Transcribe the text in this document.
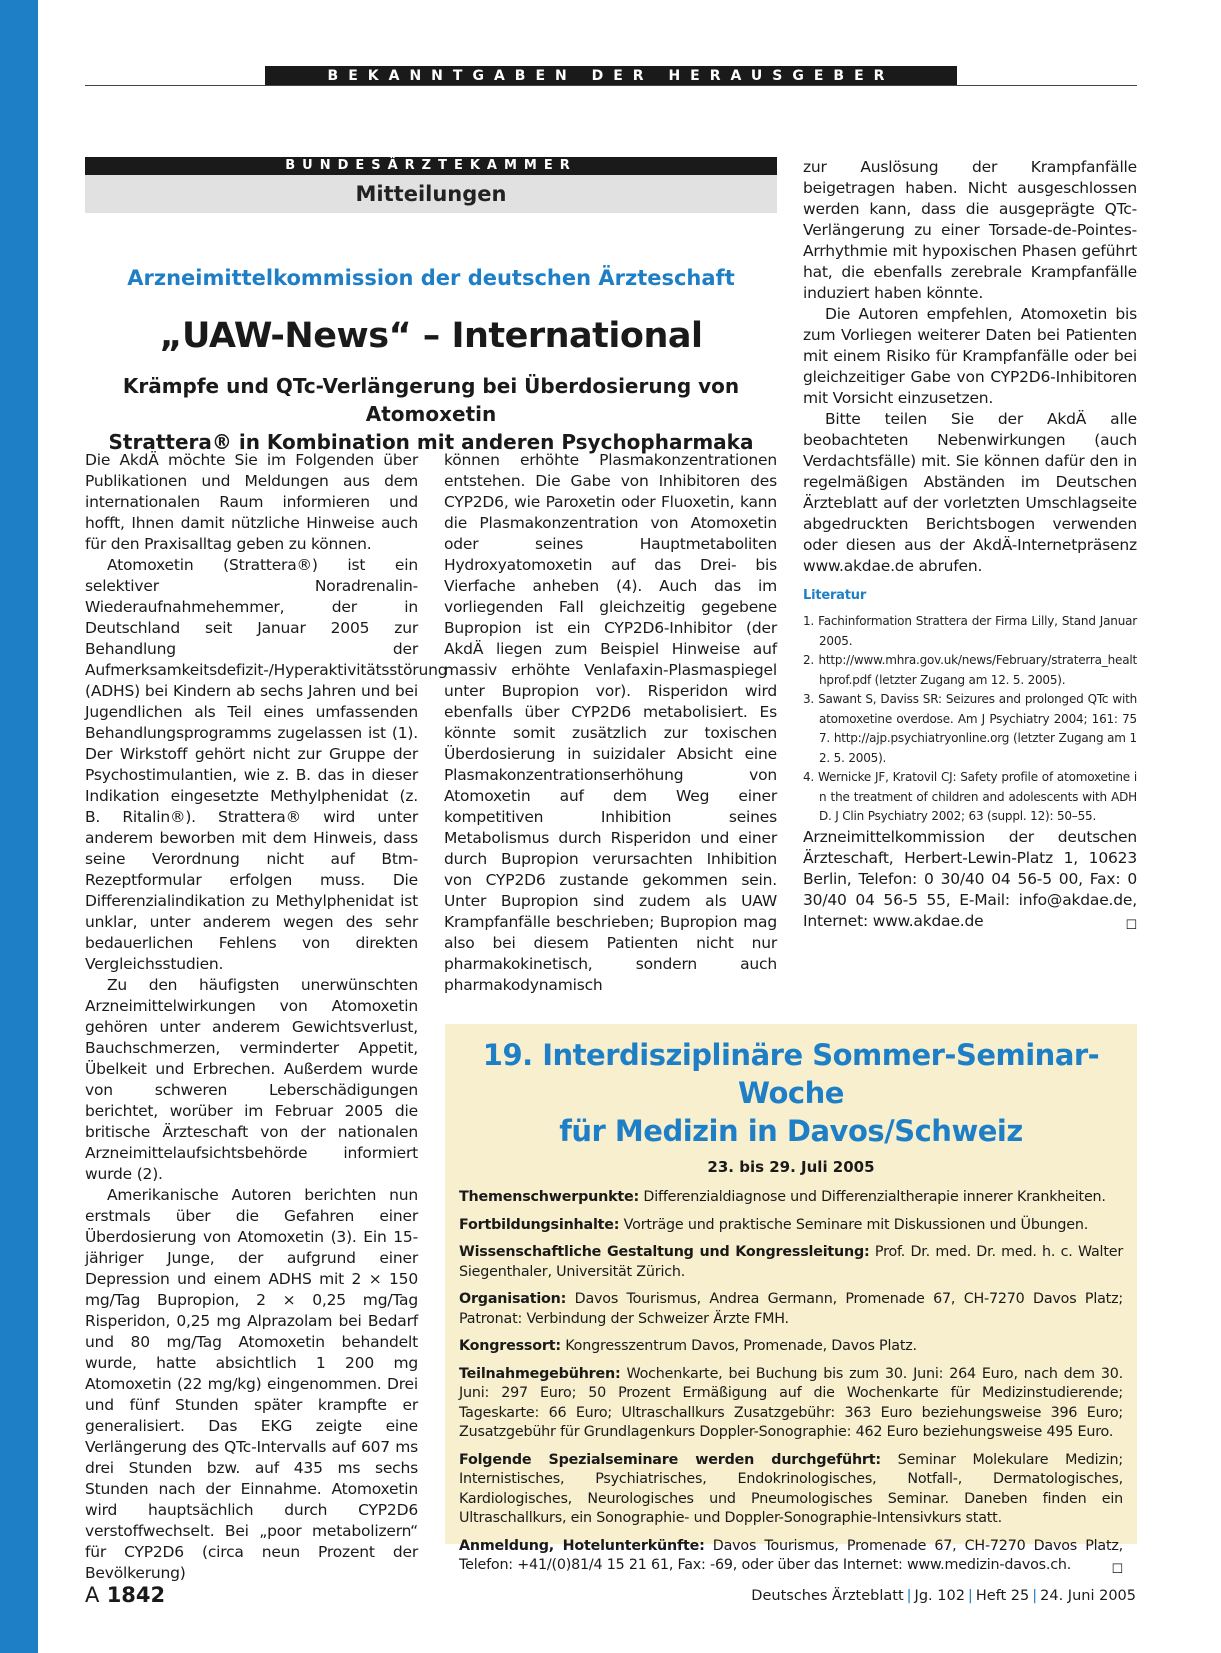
BEKANNTGABEN DER HERAUSGEBER
BUNDESÄRZTEKAMMER
Mitteilungen
Arzneimittelkommission der deutschen Ärzteschaft
„UAW-News“ – International
Krämpfe und QTc-Verlängerung bei Überdosierung von Atomoxetin
Strattera® in Kombination mit anderen Psychopharmaka

Die AkdÄ möchte Sie im Folgenden über Publikationen und Meldungen aus dem internationalen Raum informieren und hofft, Ihnen damit nützliche Hinweise auch für den Praxisalltag geben zu können.

Atomoxetin (Strattera®) ist ein selektiver Noradrenalin-Wiederaufnahmehemmer, der in Deutschland seit Januar 2005 zur Behandlung der Aufmerksamkeitsdefizit-/Hyperaktivitätsstörung (ADHS) bei Kindern ab sechs Jahren und bei Jugendlichen als Teil eines umfassenden Behandlungsprogramms zugelassen ist (1). Der Wirkstoff gehört nicht zur Gruppe der Psychostimulantien, wie z. B. das in dieser Indikation eingesetzte Methylphenidat (z. B. Ritalin®). Strattera® wird unter anderem beworben mit dem Hinweis, dass seine Verordnung nicht auf Btm-Rezeptformular erfolgen muss. Die Differenzialindikation zu Methylphenidat ist unklar, unter anderem wegen des sehr bedauerlichen Fehlens von direkten Vergleichsstudien.

Zu den häufigsten unerwünschten Arzneimittelwirkungen von Atomoxetin gehören unter anderem Gewichtsverlust, Bauchschmerzen, verminderter Appetit, Übelkeit und Erbrechen. Außerdem wurde von schweren Leberschädigungen berichtet, worüber im Februar 2005 die britische Ärzteschaft von der nationalen Arzneimittelaufsichtsbehörde informiert wurde (2).

Amerikanische Autoren berichten nun erstmals über die Gefahren einer Überdosierung von Atomoxetin (3). Ein 15-jähriger Junge, der aufgrund einer Depression und einem ADHS mit 2 × 150 mg/Tag Bupropion, 2 × 0,25 mg/Tag Risperidon, 0,25 mg Alprazolam bei Bedarf und 80 mg/Tag Atomoxetin behandelt wurde, hatte absichtlich 1 200 mg Atomoxetin (22 mg/kg) eingenommen. Drei und fünf Stunden später krampfte er generalisiert. Das EKG zeigte eine Verlängerung des QTc-Intervalls auf 607 ms drei Stunden bzw. auf 435 ms sechs Stunden nach der Einnahme. Atomoxetin wird hauptsächlich durch CYP2D6 verstoffwechselt. Bei „poor metabolizern“ für CYP2D6 (circa neun Prozent der Bevölkerung)

können erhöhte Plasmakonzentrationen entstehen. Die Gabe von Inhibitoren des CYP2D6, wie Paroxetin oder Fluoxetin, kann die Plasmakonzentration von Atomoxetin oder seines Hauptmetaboliten Hydroxyatomoxetin auf das Drei- bis Vierfache anheben (4). Auch das im vorliegenden Fall gleichzeitig gegebene Bupropion ist ein CYP2D6-Inhibitor (der AkdÄ liegen zum Beispiel Hinweise auf massiv erhöhte Venlafaxin-Plasmaspiegel unter Bupropion vor). Risperidon wird ebenfalls über CYP2D6 metabolisiert. Es könnte somit zusätzlich zur toxischen Überdosierung in suizidaler Absicht eine Plasmakonzentrationserhöhung von Atomoxetin auf dem Weg einer kompetitiven Inhibition seines Metabolismus durch Risperidon und einer durch Bupropion verursachten Inhibition von CYP2D6 zustande gekommen sein. Unter Bupropion sind zudem als UAW Krampfanfälle beschrieben; Bupropion mag also bei diesem Patienten nicht nur pharmakokinetisch, sondern auch pharmakodynamisch

zur Auslösung der Krampfanfälle beigetragen haben. Nicht ausgeschlossen werden kann, dass die ausgeprägte QTc-Verlängerung zu einer Torsade-de-Pointes-Arrhythmie mit hypoxischen Phasen geführt hat, die ebenfalls zerebrale Krampfanfälle induziert haben könnte.

Die Autoren empfehlen, Atomoxetin bis zum Vorliegen weiterer Daten bei Patienten mit einem Risiko für Krampfanfälle oder bei gleichzeitiger Gabe von CYP2D6-Inhibitoren mit Vorsicht einzusetzen.

Bitte teilen Sie der AkdÄ alle beobachteten Nebenwirkungen (auch Verdachtsfälle) mit. Sie können dafür den in regelmäßigen Abständen im Deutschen Ärzteblatt auf der vorletzten Umschlagseite abgedruckten Berichtsbogen verwenden oder diesen aus der AkdÄ-Internetpräsenz www.akdae.de abrufen.

Literatur
1. Fachinformation Strattera der Firma Lilly, Stand Januar 2005.
2. http://www.mhra.gov.uk/news/February/straterra_healthprof.pdf (letzter Zugang am 12. 5. 2005).
3. Sawant S, Daviss SR: Seizures and prolonged QTc with atomoxetine overdose. Am J Psychiatry 2004; 161: 757. http://ajp.psychiatryonline.org (letzter Zugang am 12. 5. 2005).
4. Wernicke JF, Kratovil CJ: Safety profile of atomoxetine in the treatment of children and adolescents with ADHD. J Clin Psychiatry 2002; 63 (suppl. 12): 50–55.

Arzneimittelkommission der deutschen Ärzteschaft, Herbert-Lewin-Platz 1, 10623 Berlin, Telefon: 0 30/40 04 56-5 00, Fax: 0 30/40 04 56-5 55, E-Mail: info@akdae.de, Internet: www.akdae.de	☐

19. Interdisziplinäre Sommer-Seminar-Woche
für Medizin in Davos/Schweiz
23. bis 29. Juli 2005

Themenschwerpunkte: Differenzialdiagnose und Differenzialtherapie innerer Krankheiten.

Fortbildungsinhalte: Vorträge und praktische Seminare mit Diskussionen und Übungen.

Wissenschaftliche Gestaltung und Kongressleitung: Prof. Dr. med. Dr. med. h. c. Walter Siegenthaler, Universität Zürich.

Organisation: Davos Tourismus, Andrea Germann, Promenade 67, CH-7270 Davos Platz; Patronat: Verbindung der Schweizer Ärzte FMH.

Kongressort: Kongresszentrum Davos, Promenade, Davos Platz.

Teilnahmegebühren: Wochenkarte, bei Buchung bis zum 30. Juni: 264 Euro, nach dem 30. Juni: 297 Euro; 50 Prozent Ermäßigung auf die Wochenkarte für Medizinstudierende; Tageskarte: 66 Euro; Ultraschallkurs Zusatzgebühr: 363 Euro beziehungsweise 396 Euro; Zusatzgebühr für Grundlagenkurs Doppler-Sonographie: 462 Euro beziehungsweise 495 Euro.

Folgende Spezialseminare werden durchgeführt: Seminar Molekulare Medizin; Internistisches, Psychiatrisches, Endokrinologisches, Notfall-, Dermatologisches, Kardiologisches, Neurologisches und Pneumologisches Seminar. Daneben finden ein Ultraschallkurs, ein Sonographie- und Doppler-Sonographie-Intensivkurs statt.

Anmeldung, Hotelunterkünfte: Davos Tourismus, Promenade 67, CH-7270 Davos Platz, Telefon: +41/(0)81/4 15 21 61, Fax: -69, oder über das Internet: www.medizin-davos.ch.	☐

A 1842	Deutsches Ärzteblatt | Jg. 102 | Heft 25 | 24. Juni 2005
